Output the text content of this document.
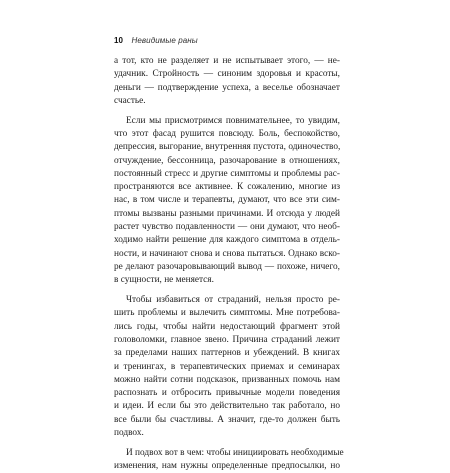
10 Невидимые раны
а тот, кто не разделяет и не испытывает этого, — не-
удачник. Стройность — синоним здоровья и красоты,
деньги — подтверждение успеха, а веселье обозначает
счастье.
Если мы присмотримся повнимательнее, то увидим,
что этот фасад рушится повсюду. Боль, беспокойство,
депрессия, выгорание, внутренняя пустота, одиночество,
отчуждение, бессонница, разочарование в отношениях,
постоянный стресс и другие симптомы и проблемы рас-
пространяются все активнее. К сожалению, многие из
нас, в том числе и терапевты, думают, что все эти сим-
птомы вызваны разными причинами. И отсюда у людей
растет чувство подавленности — они думают, что необ-
ходимо найти решение для каждого симптома в отдель-
ности, и начинают снова и снова пытаться. Однако вско-
ре делают разочаровывающий вывод — похоже, ничего,
в сущности, не меняется.
Чтобы избавиться от страданий, нельзя просто ре-
шить проблемы и вылечить симптомы. Мне потребова-
лись годы, чтобы найти недостающий фрагмент этой
головоломки, главное звено. Причина страданий лежит
за пределами наших паттернов и убеждений. В книгах
и тренингах, в терапевтических приемах и семинарах
можно найти сотни подсказок, призванных помочь нам
распознать и отбросить привычные модели поведения
и идеи. И если бы это действительно так работало, но
все были бы счастливы. А значит, где-то должен быть
подвох.
И подвох вот в чем: чтобы инициировать необходимые
изменения, нам нужны определенные предпосылки, но
